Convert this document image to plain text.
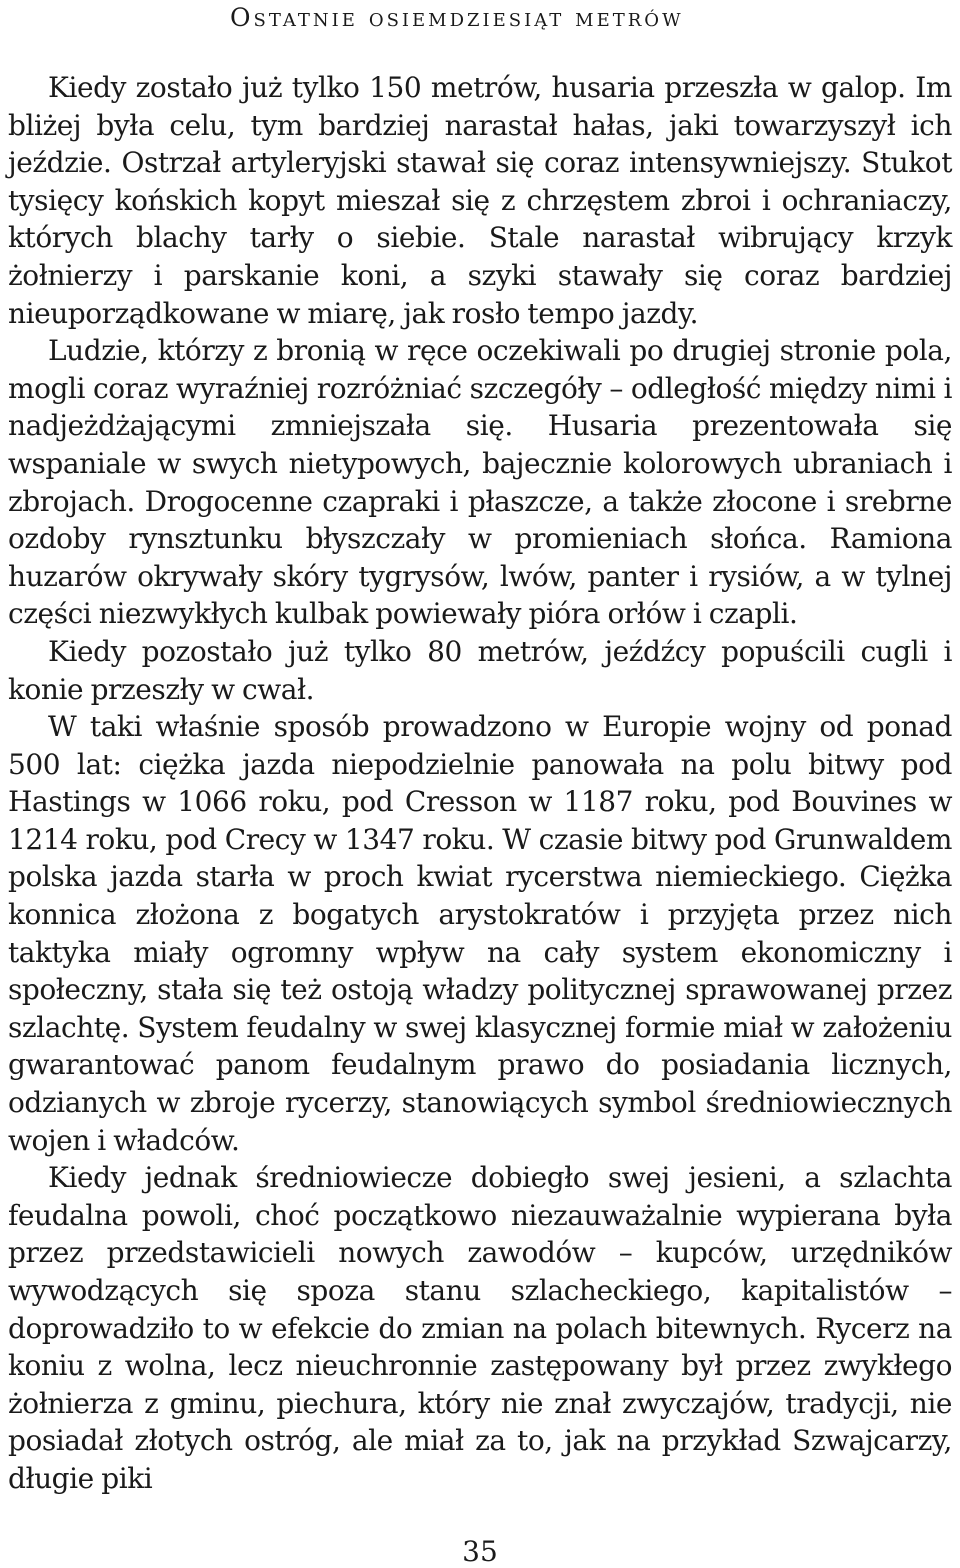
Ostatnie osiemdziesiąt metrów

Kiedy zostało już tylko 150 metrów, husaria przeszła w galop. Im bliżej była celu, tym bardziej narastał hałas, jaki towarzyszył ich jeździe. Ostrzał artyleryjski stawał się coraz intensywniejszy. Stukot tysięcy końskich kopyt mieszał się z chrzęstem zbroi i ochraniaczy, których blachy tarły o siebie. Stale narastał wibrujący krzyk żołnierzy i parskanie koni, a szyki stawały się coraz bardziej nieuporządkowane w miarę, jak rosło tempo jazdy.

Ludzie, którzy z bronią w ręce oczekiwali po drugiej stronie pola, mogli coraz wyraźniej rozróżniać szczegóły – odległość między nimi i nadjeżdżającymi zmniejszała się. Husaria prezentowała się wspaniale w swych nietypowych, bajecznie kolorowych ubraniach i zbrojach. Drogocenne czapraki i płaszcze, a także złocone i srebrne ozdoby rynsztunku błyszczały w promieniach słońca. Ramiona huzarów okrywały skóry tygrysów, lwów, panter i rysiów, a w tylnej części niezwykłych kulbak powiewały pióra orłów i czapli.

Kiedy pozostało już tylko 80 metrów, jeźdźcy popuścili cugli i konie przeszły w cwał.

W taki właśnie sposób prowadzono w Europie wojny od ponad 500 lat: ciężka jazda niepodzielnie panowała na polu bitwy pod Hastings w 1066 roku, pod Cresson w 1187 roku, pod Bouvines w 1214 roku, pod Crecy w 1347 roku. W czasie bitwy pod Grunwaldem polska jazda starła w proch kwiat rycerstwa niemieckiego. Ciężka konnica złożona z bogatych arystokratów i przyjęta przez nich taktyka miały ogromny wpływ na cały system ekonomiczny i społeczny, stała się też ostoją władzy politycznej sprawowanej przez szlachtę. System feudalny w swej klasycznej formie miał w założeniu gwarantować panom feudalnym prawo do posiadania licznych, odzianych w zbroje rycerzy, stanowiących symbol średniowiecznych wojen i władców.

Kiedy jednak średniowiecze dobiegło swej jesieni, a szlachta feudalna powoli, choć początkowo niezauważalnie wypierana była przez przedstawicieli nowych zawodów – kupców, urzędników wywodzących się spoza stanu szlacheckiego, kapitalistów – doprowadziło to w efekcie do zmian na polach bitewnych. Rycerz na koniu z wolna, lecz nieuchronnie zastępowany był przez zwykłego żołnierza z gminu, piechura, który nie znał zwyczajów, tradycji, nie posiadał złotych ostróg, ale miał za to, jak na przykład Szwajcarzy, długie piki

35
